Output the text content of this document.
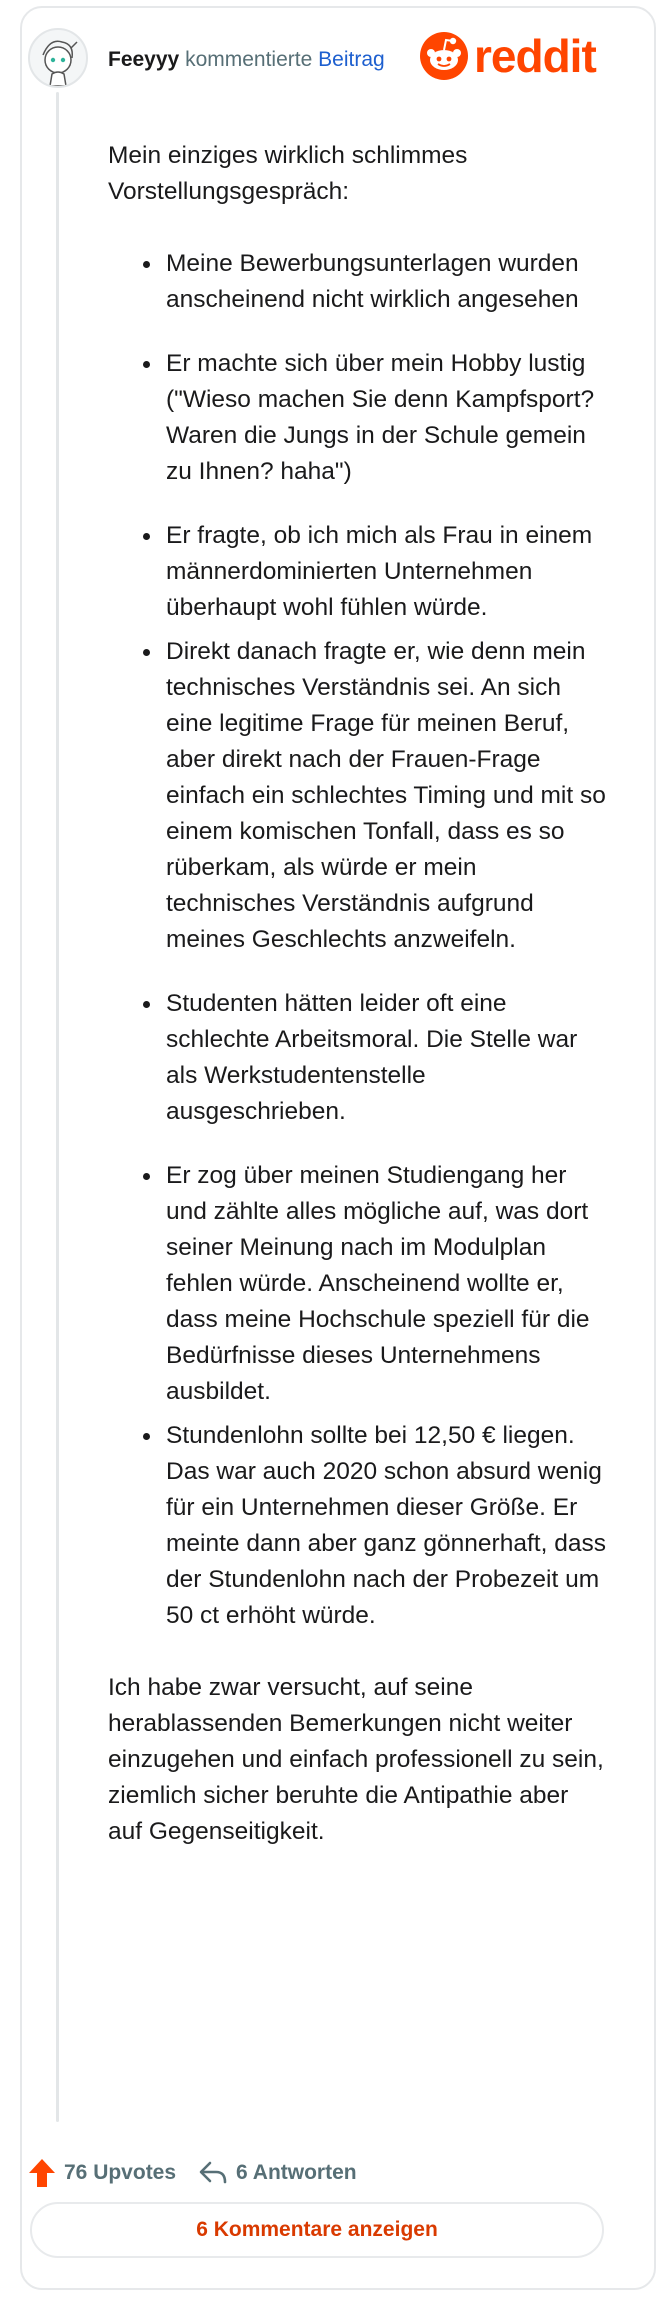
Feeyyy kommentierte Beitrag reddit

Mein einziges wirklich schlimmes Vorstellungsgespräch:

Meine Bewerbungsunterlagen wurden anscheinend nicht wirklich angesehen
Er machte sich über mein Hobby lustig ("Wieso machen Sie denn Kampfsport? Waren die Jungs in der Schule gemein zu Ihnen? haha")
Er fragte, ob ich mich als Frau in einem männerdominierten Unternehmen überhaupt wohl fühlen würde.
Direkt danach fragte er, wie denn mein technisches Verständnis sei. An sich eine legitime Frage für meinen Beruf, aber direkt nach der Frauen-Frage einfach ein schlechtes Timing und mit so einem komischen Tonfall, dass es so rüberkam, als würde er mein technisches Verständnis aufgrund meines Geschlechts anzweifeln.
Studenten hätten leider oft eine schlechte Arbeitsmoral. Die Stelle war als Werkstudentenstelle ausgeschrieben.
Er zog über meinen Studiengang her und zählte alles mögliche auf, was dort seiner Meinung nach im Modulplan fehlen würde. Anscheinend wollte er, dass meine Hochschule speziell für die Bedürfnisse dieses Unternehmens ausbildet.
Stundenlohn sollte bei 12,50 € liegen. Das war auch 2020 schon absurd wenig für ein Unternehmen dieser Größe. Er meinte dann aber ganz gönnerhaft, dass der Stundenlohn nach der Probezeit um 50 ct erhöht würde.

Ich habe zwar versucht, auf seine herablassenden Bemerkungen nicht weiter einzugehen und einfach professionell zu sein, ziemlich sicher beruhte die Antipathie aber auf Gegenseitigkeit.

76 Upvotes	6 Antworten
6 Kommentare anzeigen
